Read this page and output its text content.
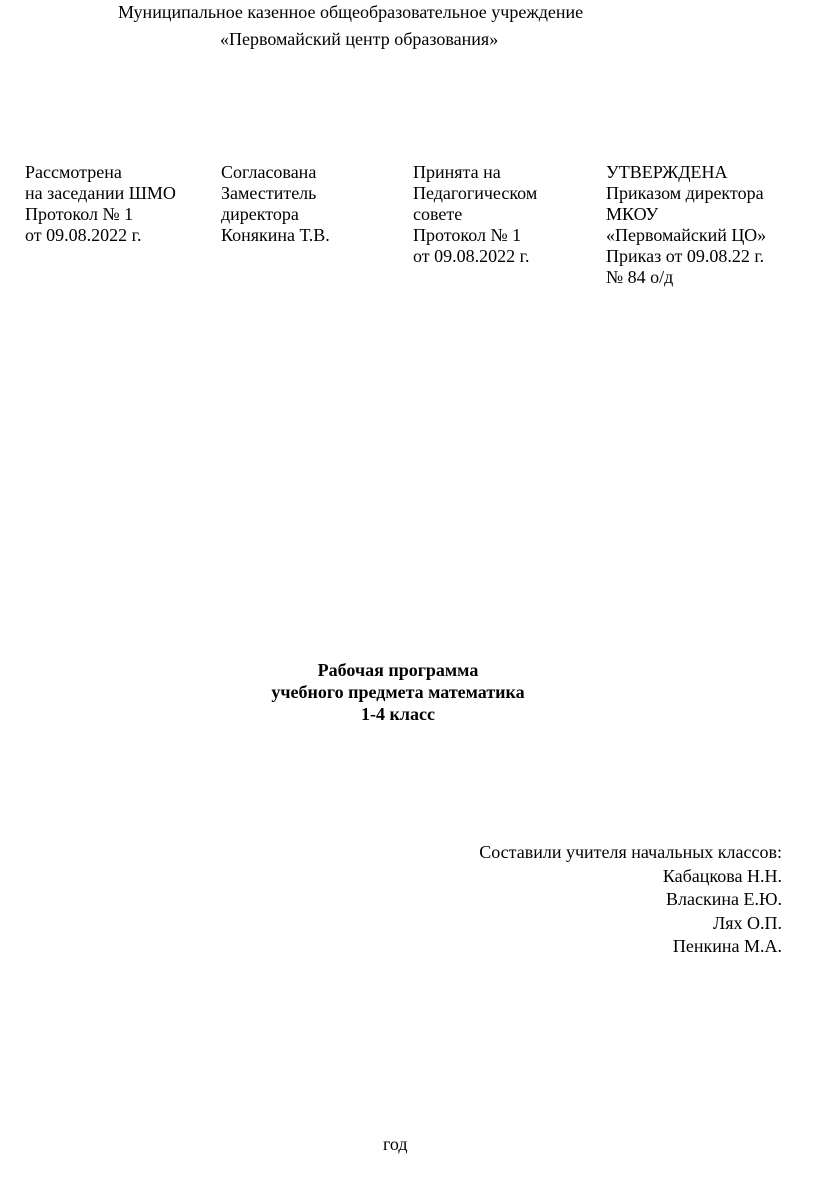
Муниципальное казенное общеобразовательное учреждение
«Первомайский центр образования»
Рассмотрена
на заседании ШМО
Протокол № 1
от 09.08.2022 г.
Согласована
Заместитель
директора
Конякина Т.В.
Принята на
Педагогическом
совете
Протокол № 1
от 09.08.2022 г.
УТВЕРЖДЕНА
Приказом директора
МКОУ
«Первомайский ЦО»
Приказ от 09.08.22 г.
№ 84 о/д
Рабочая программа
учебного предмета математика
1-4 класс
Составили учителя начальных классов:
Кабацкова Н.Н.
Власкина Е.Ю.
Лях О.П.
Пенкина М.А.
год
